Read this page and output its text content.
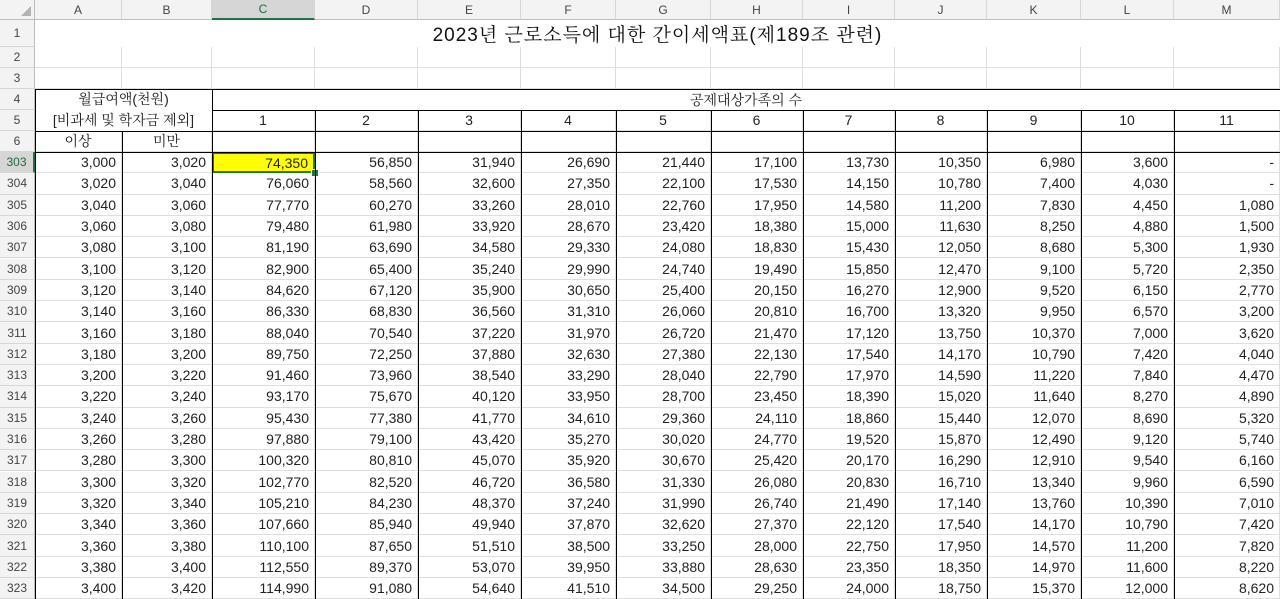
A	B	C	D	E	F	G	H	I	J	K	L	M
1
2
3
4
5
6
2023년 근로소득에 대한 간이세액표(제189조 관련)
월급여액(천원)
[비과세 및 학자금 제외]
공제대상가족의 수
1	2	3	4	5	6	7	8	9	10	11
이상	미만
303	3,000	3,020	74,350	56,850	31,940	26,690	21,440	17,100	13,730	10,350	6,980	3,600	-
304	3,020	3,040	76,060	58,560	32,600	27,350	22,100	17,530	14,150	10,780	7,400	4,030	-
305	3,040	3,060	77,770	60,270	33,260	28,010	22,760	17,950	14,580	11,200	7,830	4,450	1,080
306	3,060	3,080	79,480	61,980	33,920	28,670	23,420	18,380	15,000	11,630	8,250	4,880	1,500
307	3,080	3,100	81,190	63,690	34,580	29,330	24,080	18,830	15,430	12,050	8,680	5,300	1,930
308	3,100	3,120	82,900	65,400	35,240	29,990	24,740	19,490	15,850	12,470	9,100	5,720	2,350
309	3,120	3,140	84,620	67,120	35,900	30,650	25,400	20,150	16,270	12,900	9,520	6,150	2,770
310	3,140	3,160	86,330	68,830	36,560	31,310	26,060	20,810	16,700	13,320	9,950	6,570	3,200
311	3,160	3,180	88,040	70,540	37,220	31,970	26,720	21,470	17,120	13,750	10,370	7,000	3,620
312	3,180	3,200	89,750	72,250	37,880	32,630	27,380	22,130	17,540	14,170	10,790	7,420	4,040
313	3,200	3,220	91,460	73,960	38,540	33,290	28,040	22,790	17,970	14,590	11,220	7,840	4,470
314	3,220	3,240	93,170	75,670	40,120	33,950	28,700	23,450	18,390	15,020	11,640	8,270	4,890
315	3,240	3,260	95,430	77,380	41,770	34,610	29,360	24,110	18,860	15,440	12,070	8,690	5,320
316	3,260	3,280	97,880	79,100	43,420	35,270	30,020	24,770	19,520	15,870	12,490	9,120	5,740
317	3,280	3,300	100,320	80,810	45,070	35,920	30,670	25,420	20,170	16,290	12,910	9,540	6,160
318	3,300	3,320	102,770	82,520	46,720	36,580	31,330	26,080	20,830	16,710	13,340	9,960	6,590
319	3,320	3,340	105,210	84,230	48,370	37,240	31,990	26,740	21,490	17,140	13,760	10,390	7,010
320	3,340	3,360	107,660	85,940	49,940	37,870	32,620	27,370	22,120	17,540	14,170	10,790	7,420
321	3,360	3,380	110,100	87,650	51,510	38,500	33,250	28,000	22,750	17,950	14,570	11,200	7,820
322	3,380	3,400	112,550	89,370	53,070	39,950	33,880	28,630	23,350	18,350	14,970	11,600	8,220
323	3,400	3,420	114,990	91,080	54,640	41,510	34,500	29,250	24,000	18,750	15,370	12,000	8,620
